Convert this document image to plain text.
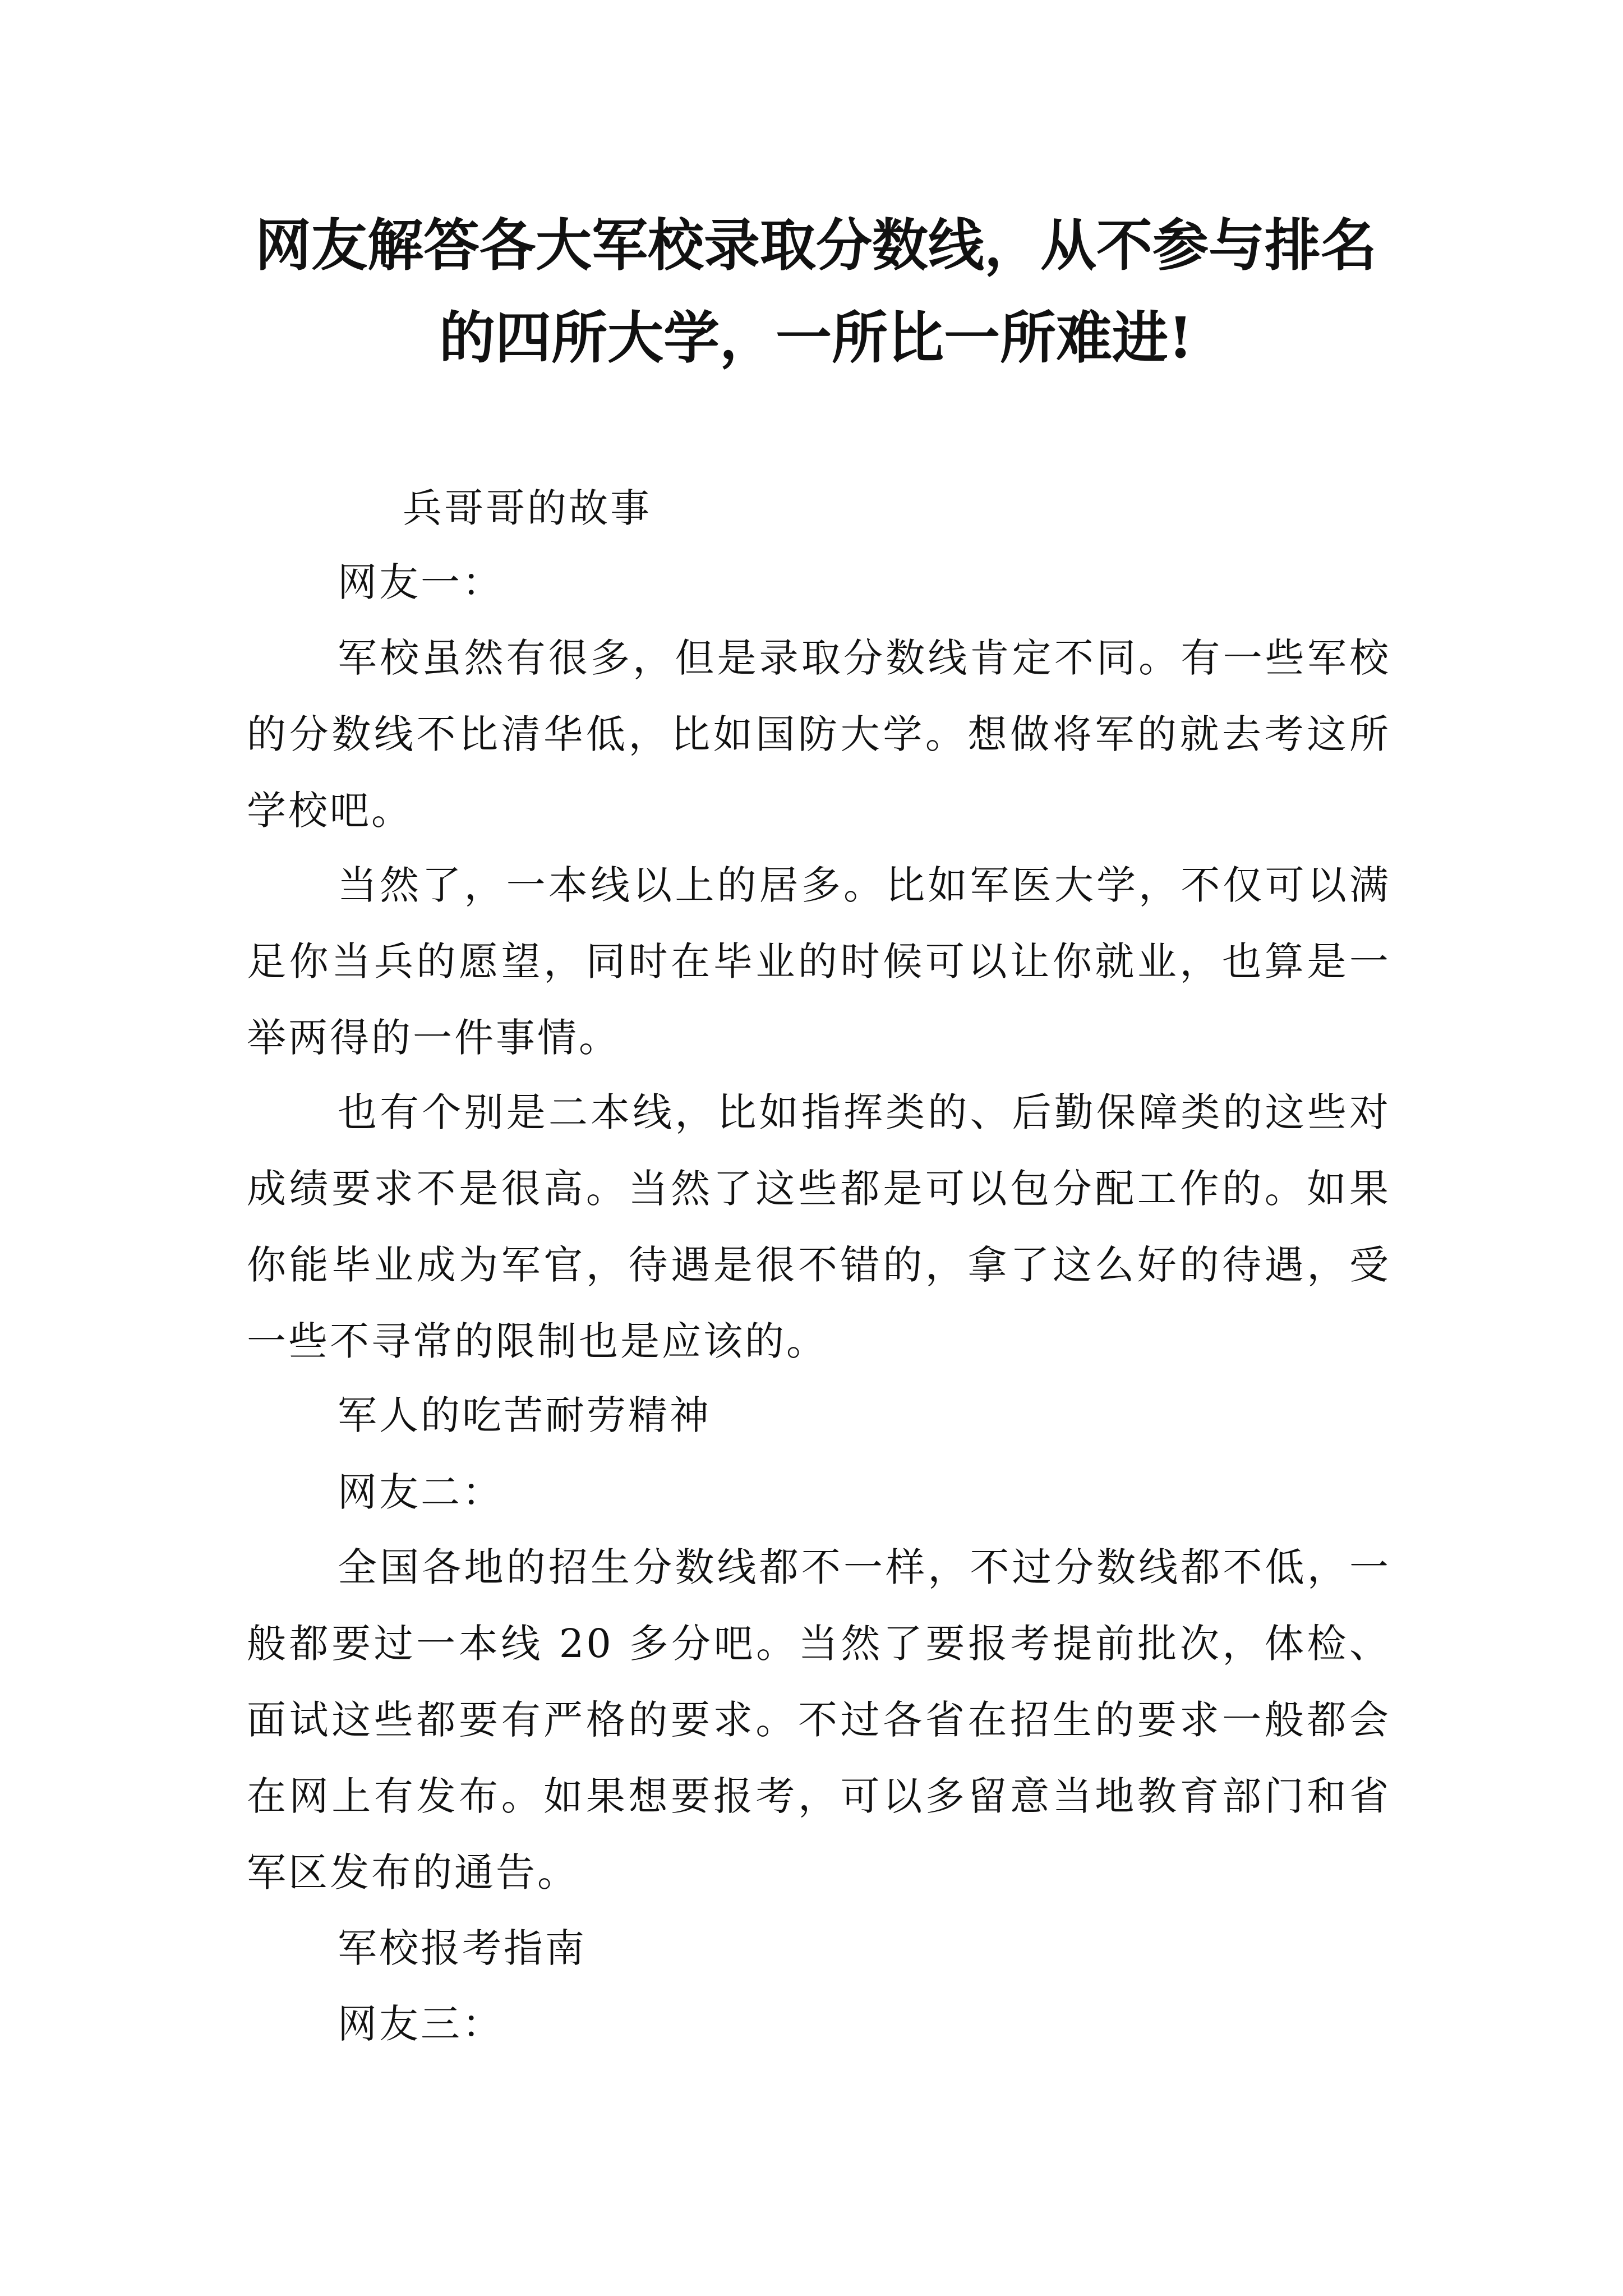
网友解答各大军校录取分数线，从不参与排名的四所大学，一所比一所难进!

兵哥哥的故事

网友一：

军校虽然有很多，但是录取分数线肯定不同。有一些军校的分数线不比清华低，比如国防大学。想做将军的就去考这所学校吧。

当然了，一本线以上的居多。比如军医大学，不仅可以满足你当兵的愿望，同时在毕业的时候可以让你就业，也算是一举两得的一件事情。

也有个别是二本线，比如指挥类的、后勤保障类的这些对成绩要求不是很高。当然了这些都是可以包分配工作的。如果你能毕业成为军官，待遇是很不错的，拿了这么好的待遇，受一些不寻常的限制也是应该的。

军人的吃苦耐劳精神

网友二：

全国各地的招生分数线都不一样，不过分数线都不低，一般都要过一本线 20 多分吧。当然了要报考提前批次，体检、面试这些都要有严格的要求。不过各省在招生的要求一般都会在网上有发布。如果想要报考，可以多留意当地教育部门和省军区发布的通告。

军校报考指南

网友三：
